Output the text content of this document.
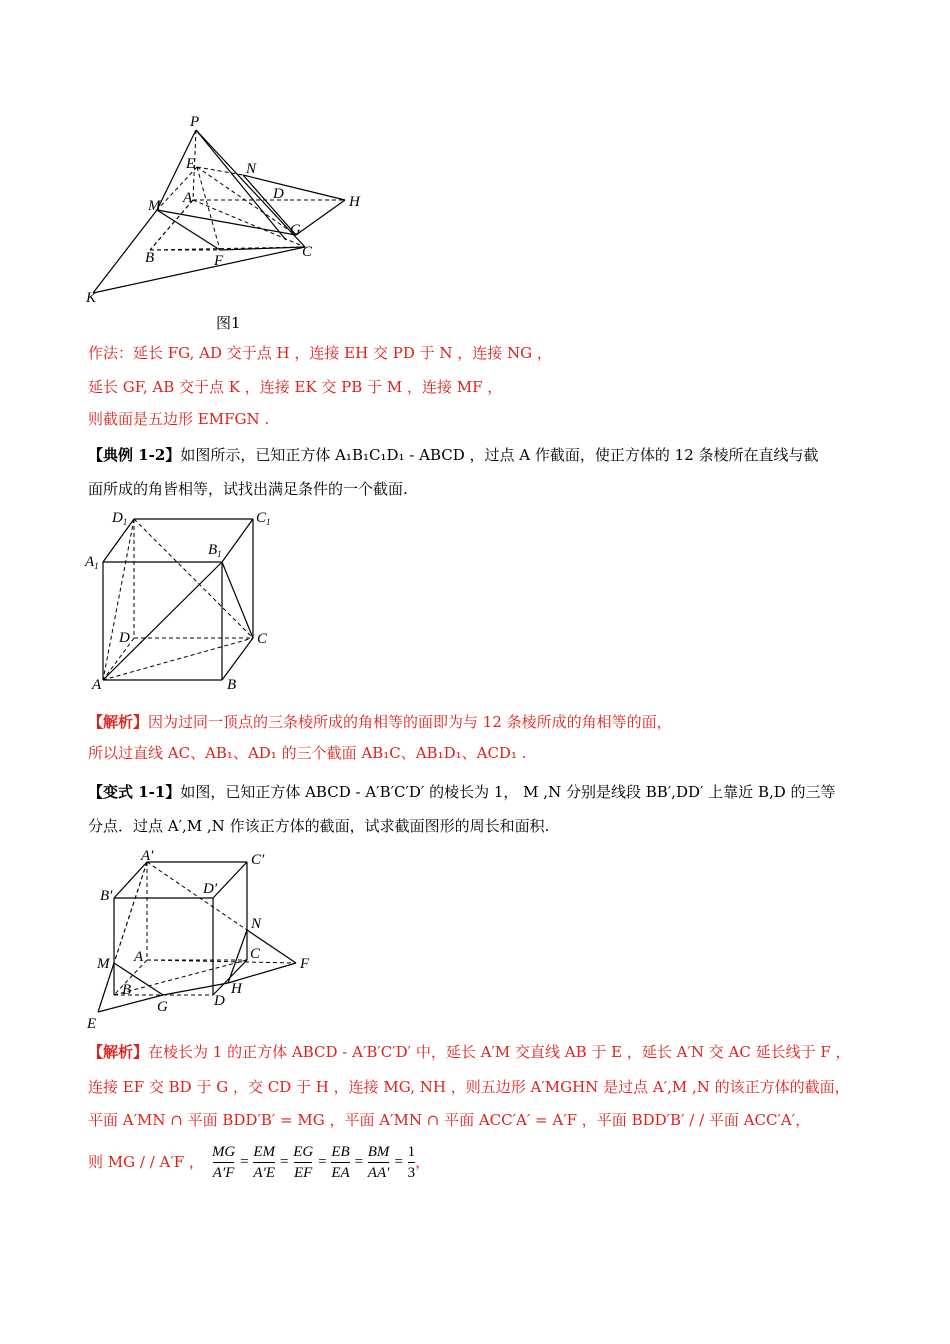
P
E	N
D	H
M A
G
C
B	F
K
图1
作法：延长 FG, AD 交于点 H ，连接 EH 交 PD 于 N ，连接 NG ，
延长 GF, AB 交于点 K ，连接 EK 交 PB 于 M ，连接 MF ，
则截面是五边形 EMFGN .
【典例 1-2】如图所示，已知正方体 A₁B₁C₁D₁ - ABCD ，过点 A 作截面，使正方体的 12 条棱所在直线与截
面所成的角皆相等，试找出满足条件的一个截面.
$D_1$	$C_1$
$A_1$
$B_1$
D	C
A	B
【解析】因为过同一顶点的三条棱所成的角相等的面即为与 12 条棱所成的角相等的面，
所以过直线 AC、AB₁、AD₁ 的三个截面 AB₁C、AB₁D₁、ACD₁ .
【变式 1-1】如图，已知正方体 ABCD - A′B′C′D′ 的棱长为 1， M ,N 分别是线段 BB′,DD′ 上靠近 B,D 的三等
分点．过点 A′,M ,N 作该正方体的截面，试求截面图形的周长和面积.
A′	C′
B′	D′
N
C
F
M A
B
G
H
D
E
【解析】在棱长为 1 的正方体 ABCD - A′B′C′D′ 中，延长 A′M 交直线 AB 于 E ，延长 A′N 交 AC 延长线于 F ，
连接 EF 交 BD 于 G ，交 CD 于 H ，连接 MG, NH ，则五边形 A′MGHN 是过点 A′,M ,N 的该正方体的截面，
平面 A′MN ∩ 平面 BDD′B′ = MG ，平面 A′MN ∩ 平面 ACC′A′ = A′F ，平面 BDD′B′ / / 平面 ACC′A′，
则 MG / / A′F ， $\frac{MG}{A'F} = \frac{EM}{A'E} = \frac{EG}{EF} = \frac{EB}{EA} = \frac{BM}{AA'} = \frac{1}{3}$ ，
